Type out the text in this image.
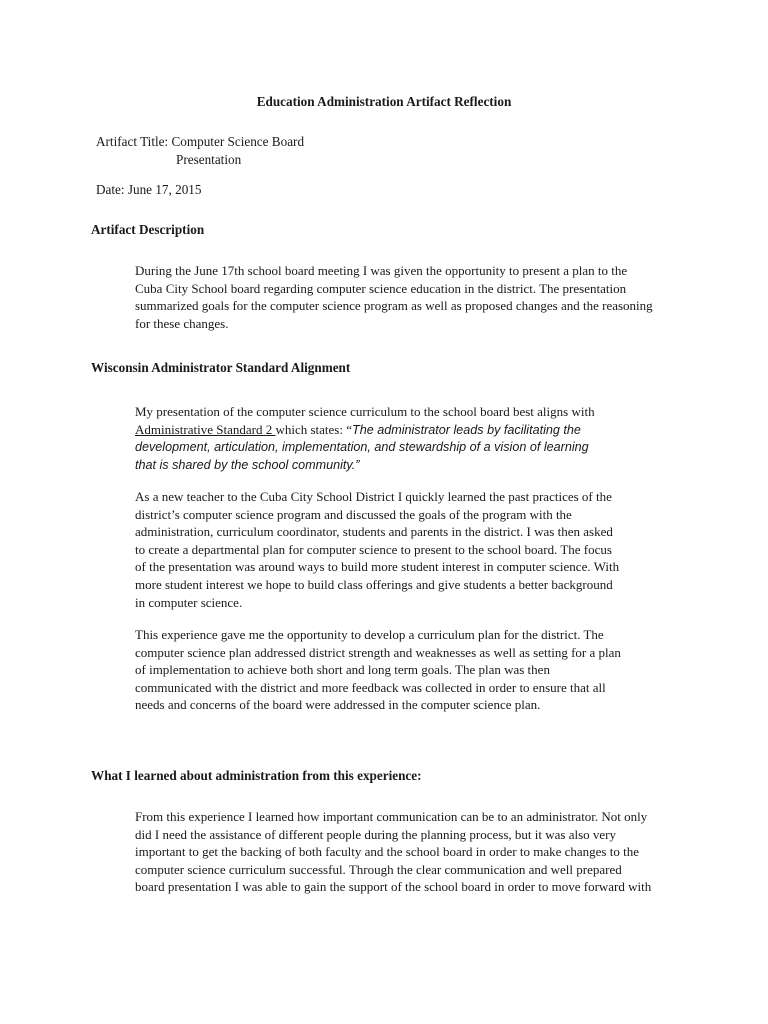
Education Administration Artifact Reflection
Artifact Title: Computer Science Board
Presentation
Date: June 17, 2015
Artifact Description
During the June 17th school board meeting I was given the opportunity to present a plan to the
Cuba City School board regarding computer science education in the district. The presentation
summarized goals for the computer science program as well as proposed changes and the reasoning
for these changes.
Wisconsin Administrator Standard Alignment
My presentation of the computer science curriculum to the school board best aligns with
Administrative Standard 2 which states: “The administrator leads by facilitating the
development, articulation, implementation, and stewardship of a vision of learning
that is shared by the school community.”
As a new teacher to the Cuba City School District I quickly learned the past practices of the
district’s computer science program and discussed the goals of the program with the
administration, curriculum coordinator, students and parents in the district. I was then asked
to create a departmental plan for computer science to present to the school board. The focus
of the presentation was around ways to build more student interest in computer science. With
more student interest we hope to build class offerings and give students a better background
in computer science.
This experience gave me the opportunity to develop a curriculum plan for the district. The
computer science plan addressed district strength and weaknesses as well as setting for a plan
of implementation to achieve both short and long term goals. The plan was then
communicated with the district and more feedback was collected in order to ensure that all
needs and concerns of the board were addressed in the computer science plan.
What I learned about administration from this experience:
From this experience I learned how important communication can be to an administrator. Not only
did I need the assistance of different people during the planning process, but it was also very
important to get the backing of both faculty and the school board in order to make changes to the
computer science curriculum successful. Through the clear communication and well prepared
board presentation I was able to gain the support of the school board in order to move forward with
